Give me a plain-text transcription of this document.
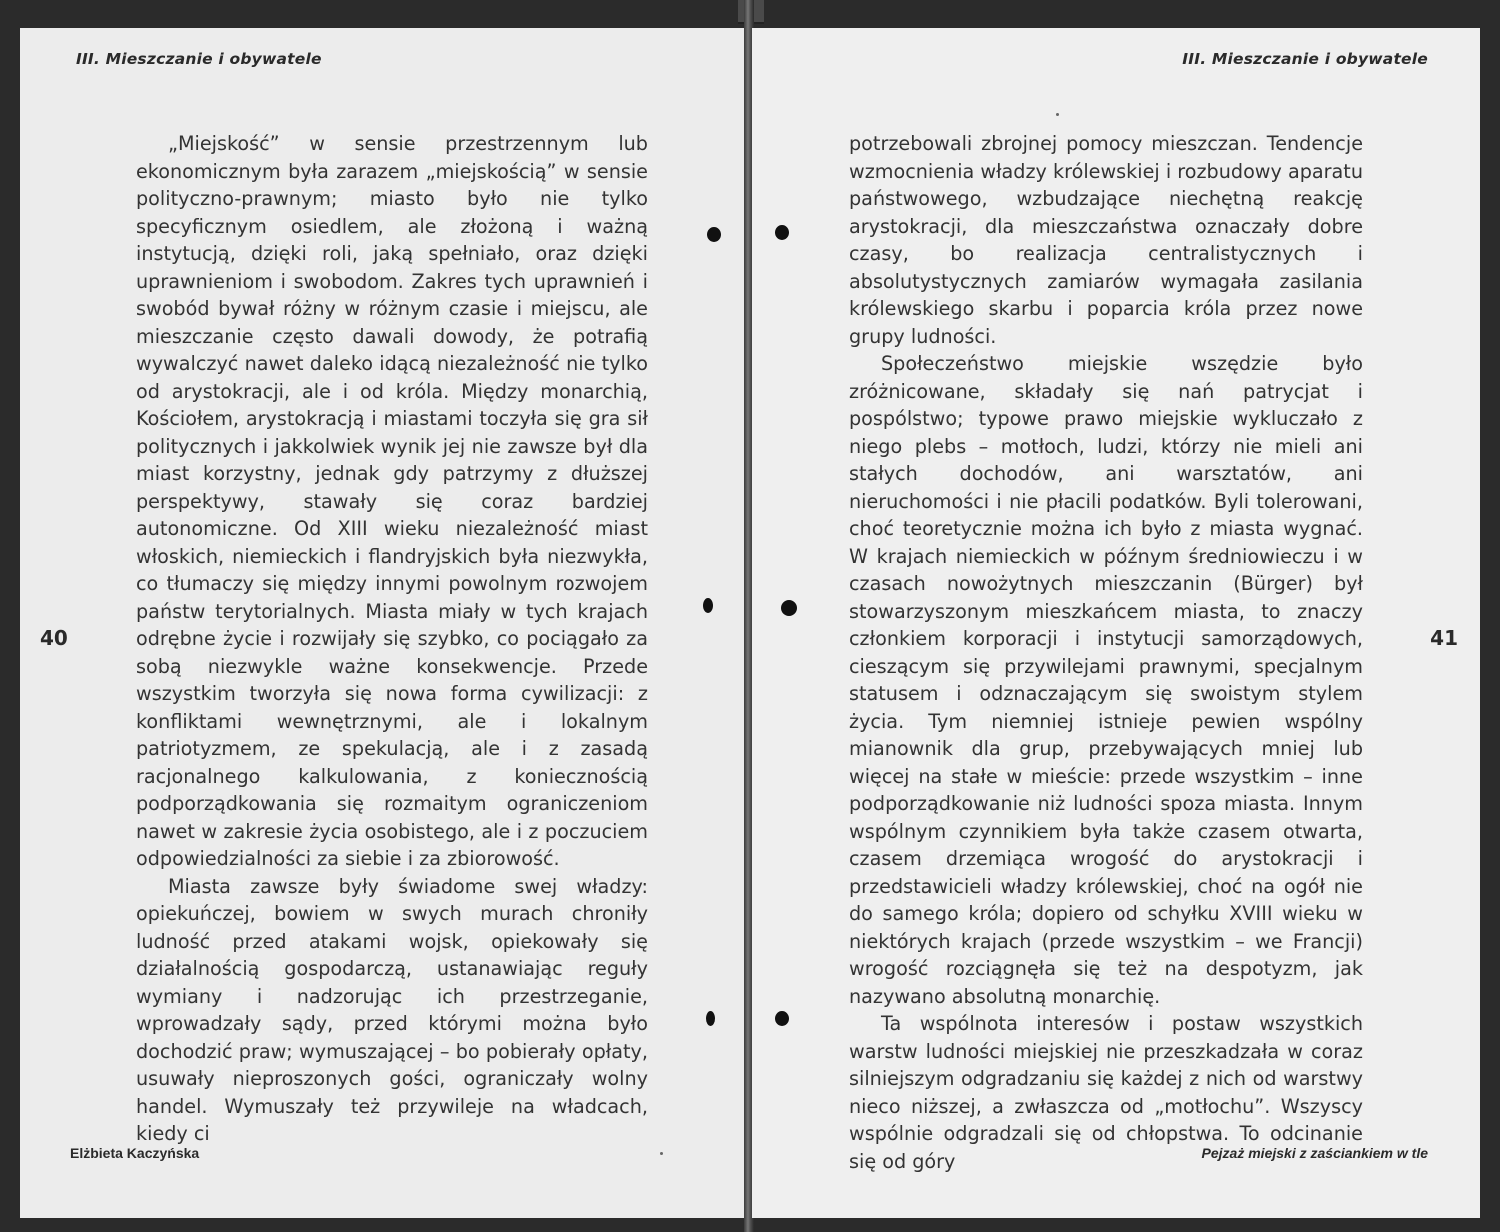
III. Mieszczanie i obywatele
40

„Miejskość” w sensie przestrzennym lub ekonomicznym była zarazem „miejskością” w sensie polityczno-prawnym; miasto było nie tylko specyficznym osiedlem, ale złożoną i ważną instytucją, dzięki roli, jaką spełniało, oraz dzięki uprawnieniom i swobodom. Zakres tych uprawnień i swobód bywał różny w różnym czasie i miejscu, ale mieszczanie często dawali dowody, że potrafią wywalczyć nawet daleko idącą niezależność nie tylko od arystokracji, ale i od króla. Między monarchią, Kościołem, arystokracją i miastami toczyła się gra sił politycznych i jakkolwiek wynik jej nie zawsze był dla miast korzystny, jednak gdy patrzymy z dłuższej perspektywy, stawały się coraz bardziej autonomiczne. Od XIII wieku niezależność miast włoskich, niemieckich i flandryjskich była niezwykła, co tłumaczy się między innymi powolnym rozwojem państw terytorialnych. Miasta miały w tych krajach odrębne życie i rozwijały się szybko, co pociągało za sobą niezwykle ważne konsekwencje. Przede wszystkim tworzyła się nowa forma cywilizacji: z konfliktami wewnętrznymi, ale i lokalnym patriotyzmem, ze spekulacją, ale i z zasadą racjonalnego kalkulowania, z koniecznością podporządkowania się rozmaitym ograniczeniom nawet w zakresie życia osobistego, ale i z poczuciem odpowiedzialności za siebie i za zbiorowość.

Miasta zawsze były świadome swej władzy: opiekuńczej, bowiem w swych murach chroniły ludność przed atakami wojsk, opiekowały się działalnością gospodarczą, ustanawiając reguły wymiany i nadzorując ich przestrzeganie, wprowadzały sądy, przed którymi można było dochodzić praw; wymuszającej – bo pobierały opłaty, usuwały nieproszonych gości, ograniczały wolny handel. Wymuszały też przywileje na władcach, kiedy ci

Elżbieta Kaczyńska
III. Mieszczanie i obywatele
41

potrzebowali zbrojnej pomocy mieszczan. Tendencje wzmocnienia władzy królewskiej i rozbudowy aparatu państwowego, wzbudzające niechętną reakcję arystokracji, dla mieszczaństwa oznaczały dobre czasy, bo realizacja centralistycznych i absolutystycznych zamiarów wymagała zasilania królewskiego skarbu i poparcia króla przez nowe grupy ludności.

Społeczeństwo miejskie wszędzie było zróżnicowane, składały się nań patrycjat i pospólstwo; typowe prawo miejskie wykluczało z niego plebs – motłoch, ludzi, którzy nie mieli ani stałych dochodów, ani warsztatów, ani nieruchomości i nie płacili podatków. Byli tolerowani, choć teoretycznie można ich było z miasta wygnać. W krajach niemieckich w późnym średniowieczu i w czasach nowożytnych mieszczanin (Bürger) był stowarzyszonym mieszkańcem miasta, to znaczy członkiem korporacji i instytucji samorządowych, cieszącym się przywilejami prawnymi, specjalnym statusem i odznaczającym się swoistym stylem życia. Tym niemniej istnieje pewien wspólny mianownik dla grup, przebywających mniej lub więcej na stałe w mieście: przede wszystkim – inne podporządkowanie niż ludności spoza miasta. Innym wspólnym czynnikiem była także czasem otwarta, czasem drzemiąca wrogość do arystokracji i przedstawicieli władzy królewskiej, choć na ogół nie do samego króla; dopiero od schyłku XVIII wieku w niektórych krajach (przede wszystkim – we Francji) wrogość rozciągnęła się też na despotyzm, jak nazywano absolutną monarchię.

Ta wspólnota interesów i postaw wszystkich warstw ludności miejskiej nie przeszkadzała w coraz silniejszym odgradzaniu się każdej z nich od warstwy nieco niższej, a zwłaszcza od „motłochu”. Wszyscy wspólnie odgradzali się od chłopstwa. To odcinanie się od góry	Pejzaż miejski z zaściankiem w tle
